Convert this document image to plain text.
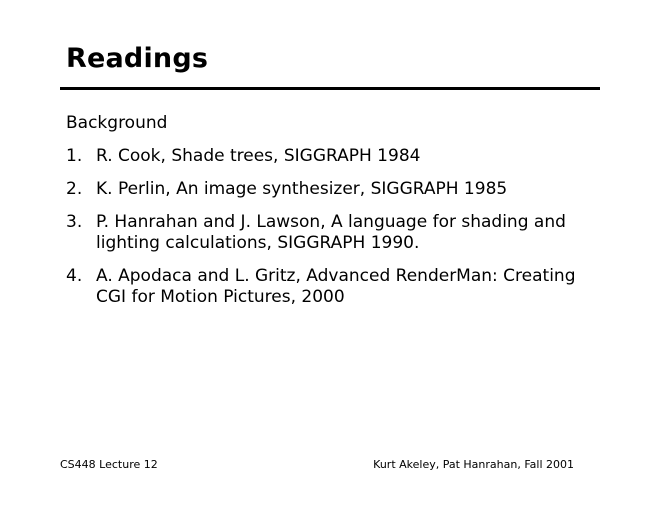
Readings
Background
1. R. Cook, Shade trees, SIGGRAPH 1984
2. K. Perlin, An image synthesizer, SIGGRAPH 1985
3. P. Hanrahan and J. Lawson, A language for shading and lighting calculations, SIGGRAPH 1990.
4. A. Apodaca and L. Gritz, Advanced RenderMan: Creating CGI for Motion Pictures, 2000
CS448 Lecture 12	Kurt Akeley, Pat Hanrahan, Fall 2001
